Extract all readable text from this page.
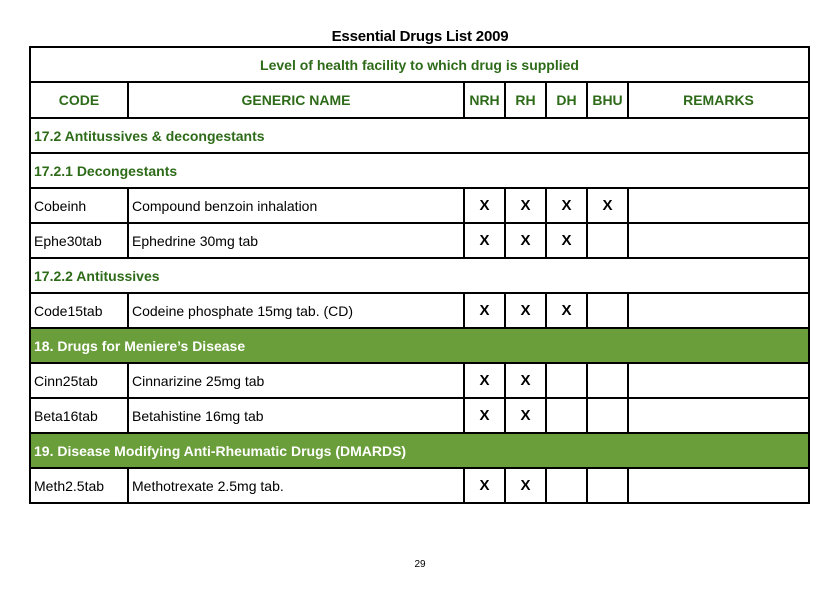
Essential Drugs List 2009
Level of health facility to which drug is supplied						
CODE	GENERIC NAME	NRH	RH	DH	BHU	REMARKS
17.2 Antitussives & decongestants						
17.2.1 Decongestants						
Cobeinh	Compound benzoin inhalation	X	X	X	X	
Ephe30tab	Ephedrine 30mg tab	X	X	X		
17.2.2 Antitussives						
Code15tab	Codeine phosphate 15mg tab. (CD)	X	X	X		
18. Drugs for Meniere’s Disease						
Cinn25tab	Cinnarizine 25mg tab	X	X			
Beta16tab	Betahistine 16mg tab	X	X			
19. Disease Modifying Anti-Rheumatic Drugs (DMARDS)						
Meth2.5tab	Methotrexate 2.5mg tab.	X	X			
29
